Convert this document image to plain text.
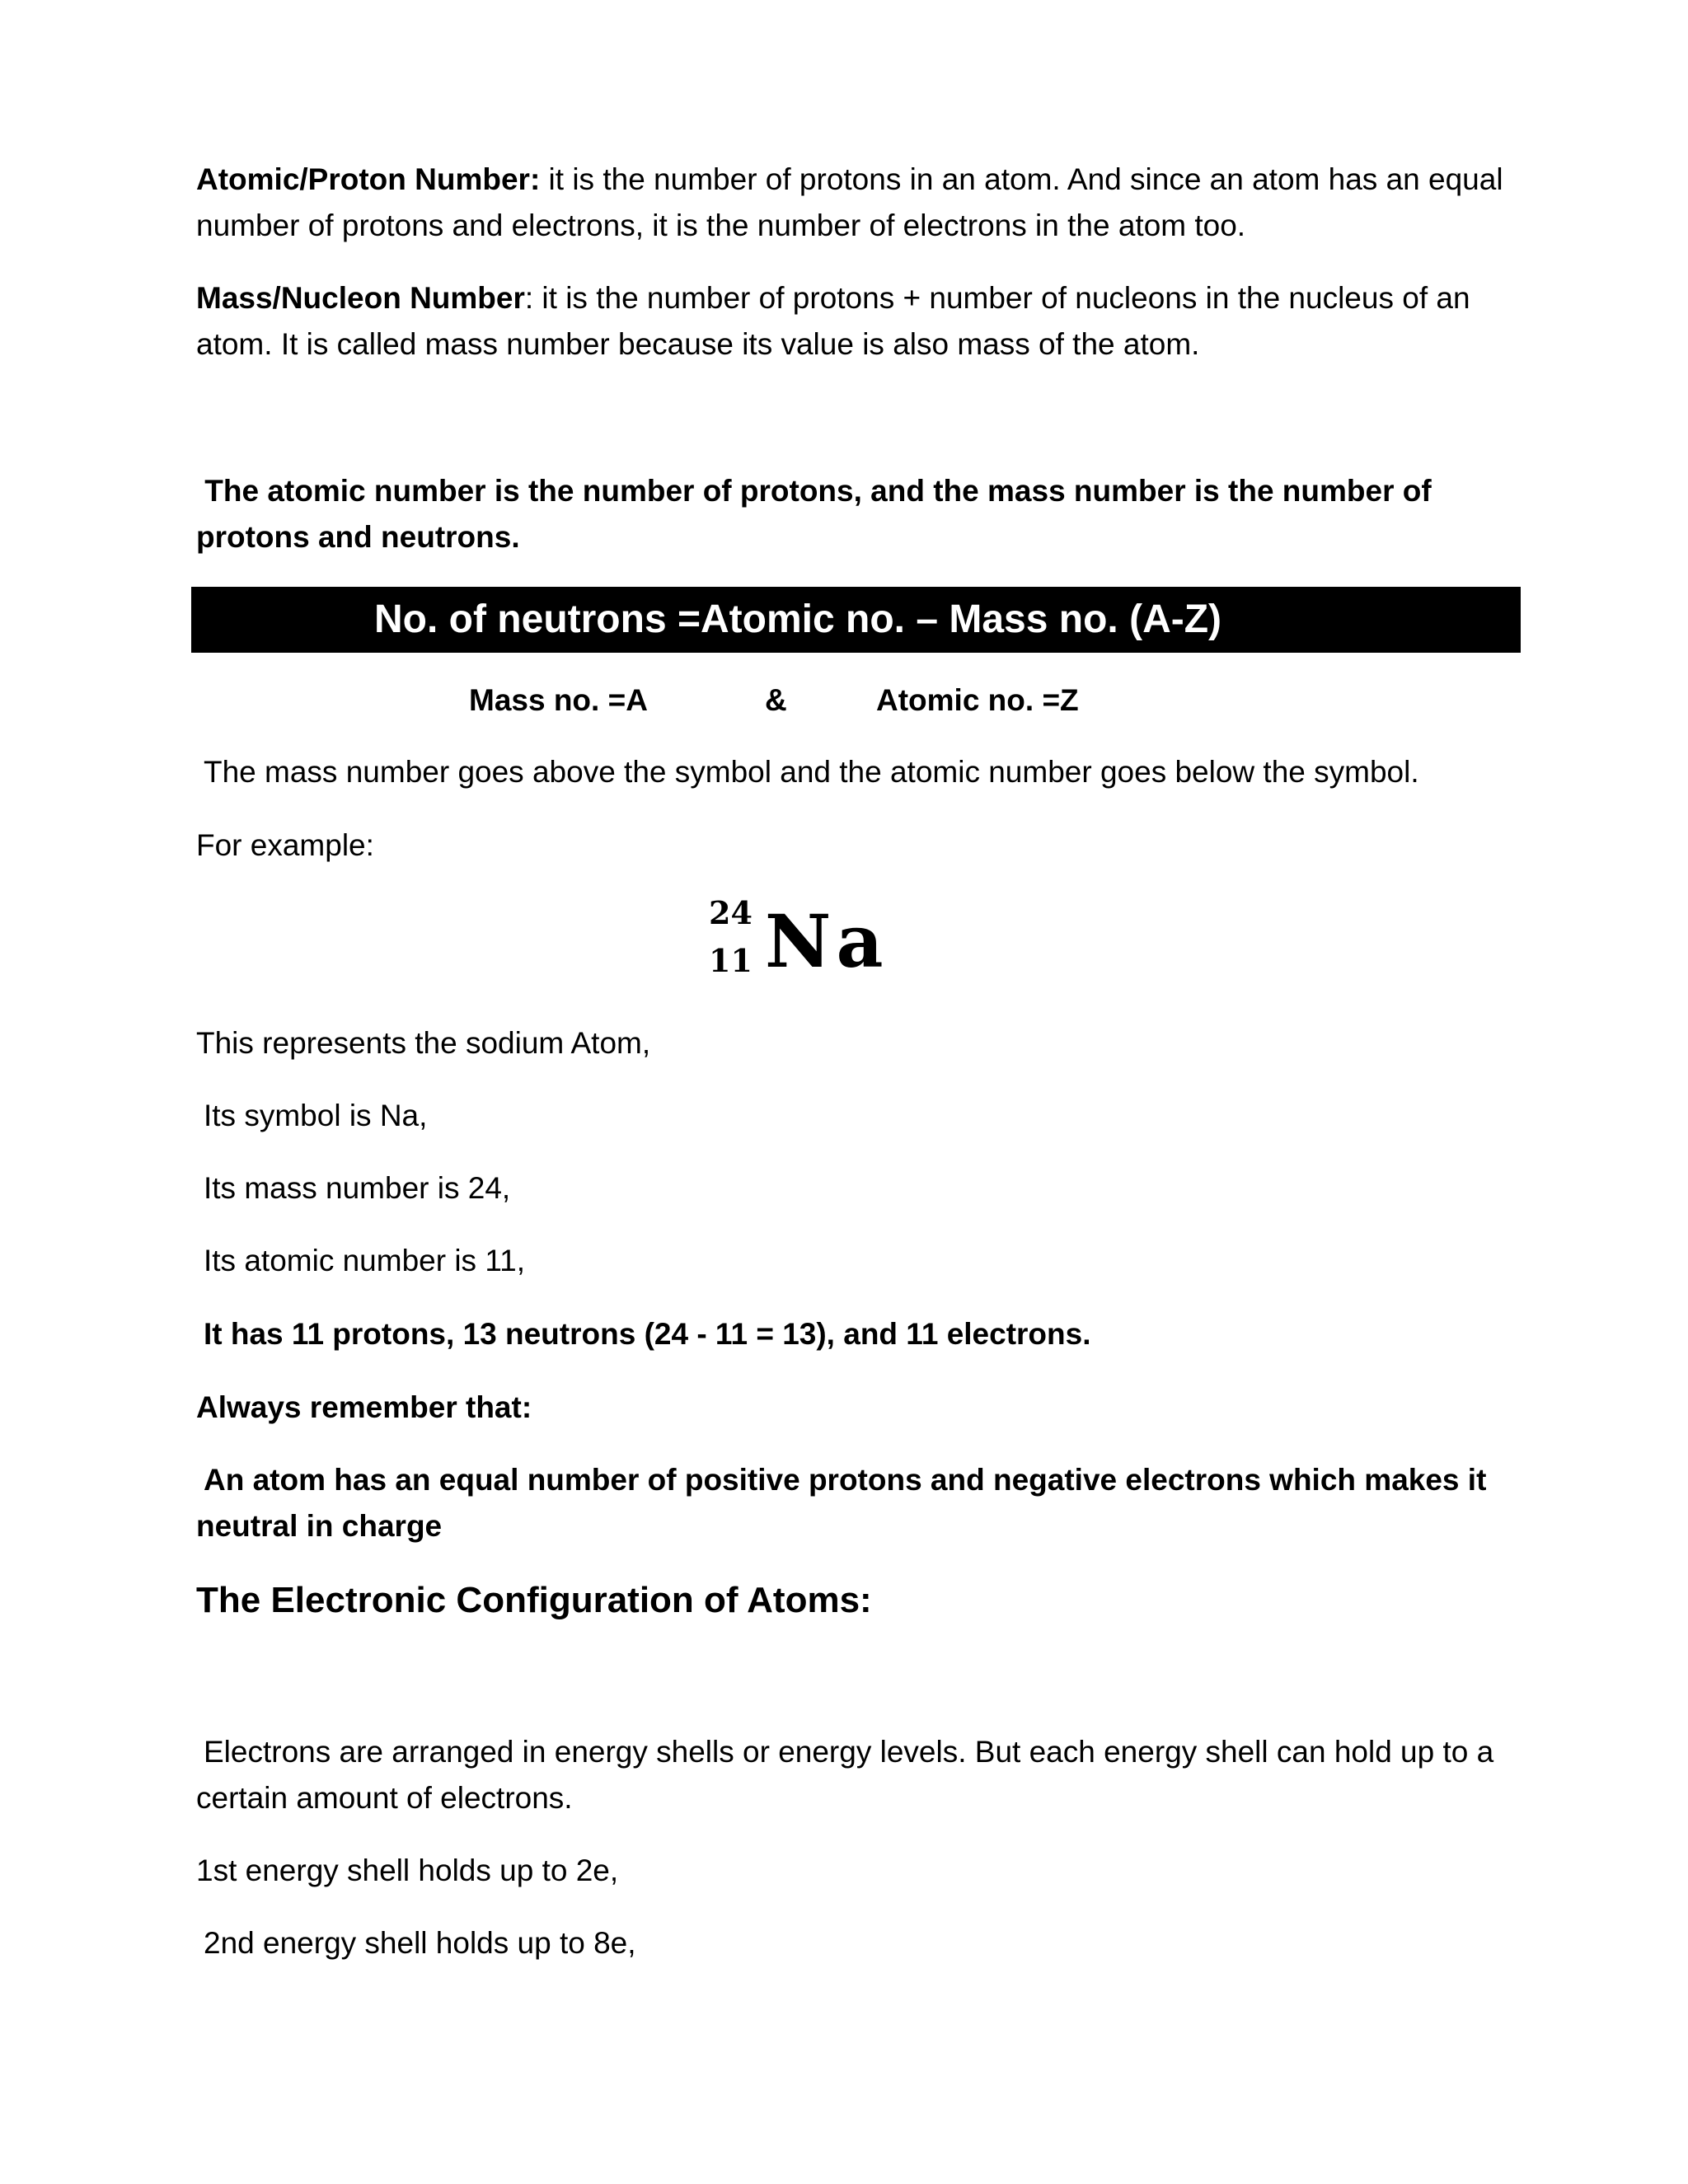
Atomic/Proton Number: it is the number of protons in an atom. And since an atom has an equal number of protons and electrons, it is the number of electrons in the atom too.

Mass/Nucleon Number: it is the number of protons + number of nucleons in the nucleus of an atom. It is called mass number because its value is also mass of the atom.

The atomic number is the number of protons, and the mass number is the number of protons and neutrons.

No. of neutrons =Atomic no. – Mass no. (A-Z)
Mass no. =A	&	Atomic no. =Z

The mass number goes above the symbol and the atomic number goes below the symbol.

For example:

24
11 Na

This represents the sodium Atom,

Its symbol is Na,

Its mass number is 24,

Its atomic number is 11,

It has 11 protons, 13 neutrons (24 - 11 = 13), and 11 electrons.

Always remember that:

An atom has an equal number of positive protons and negative electrons which makes it neutral in charge

The Electronic Configuration of Atoms:

Electrons are arranged in energy shells or energy levels. But each energy shell can hold up to a certain amount of electrons.

1st energy shell holds up to 2e,

2nd energy shell holds up to 8e,
